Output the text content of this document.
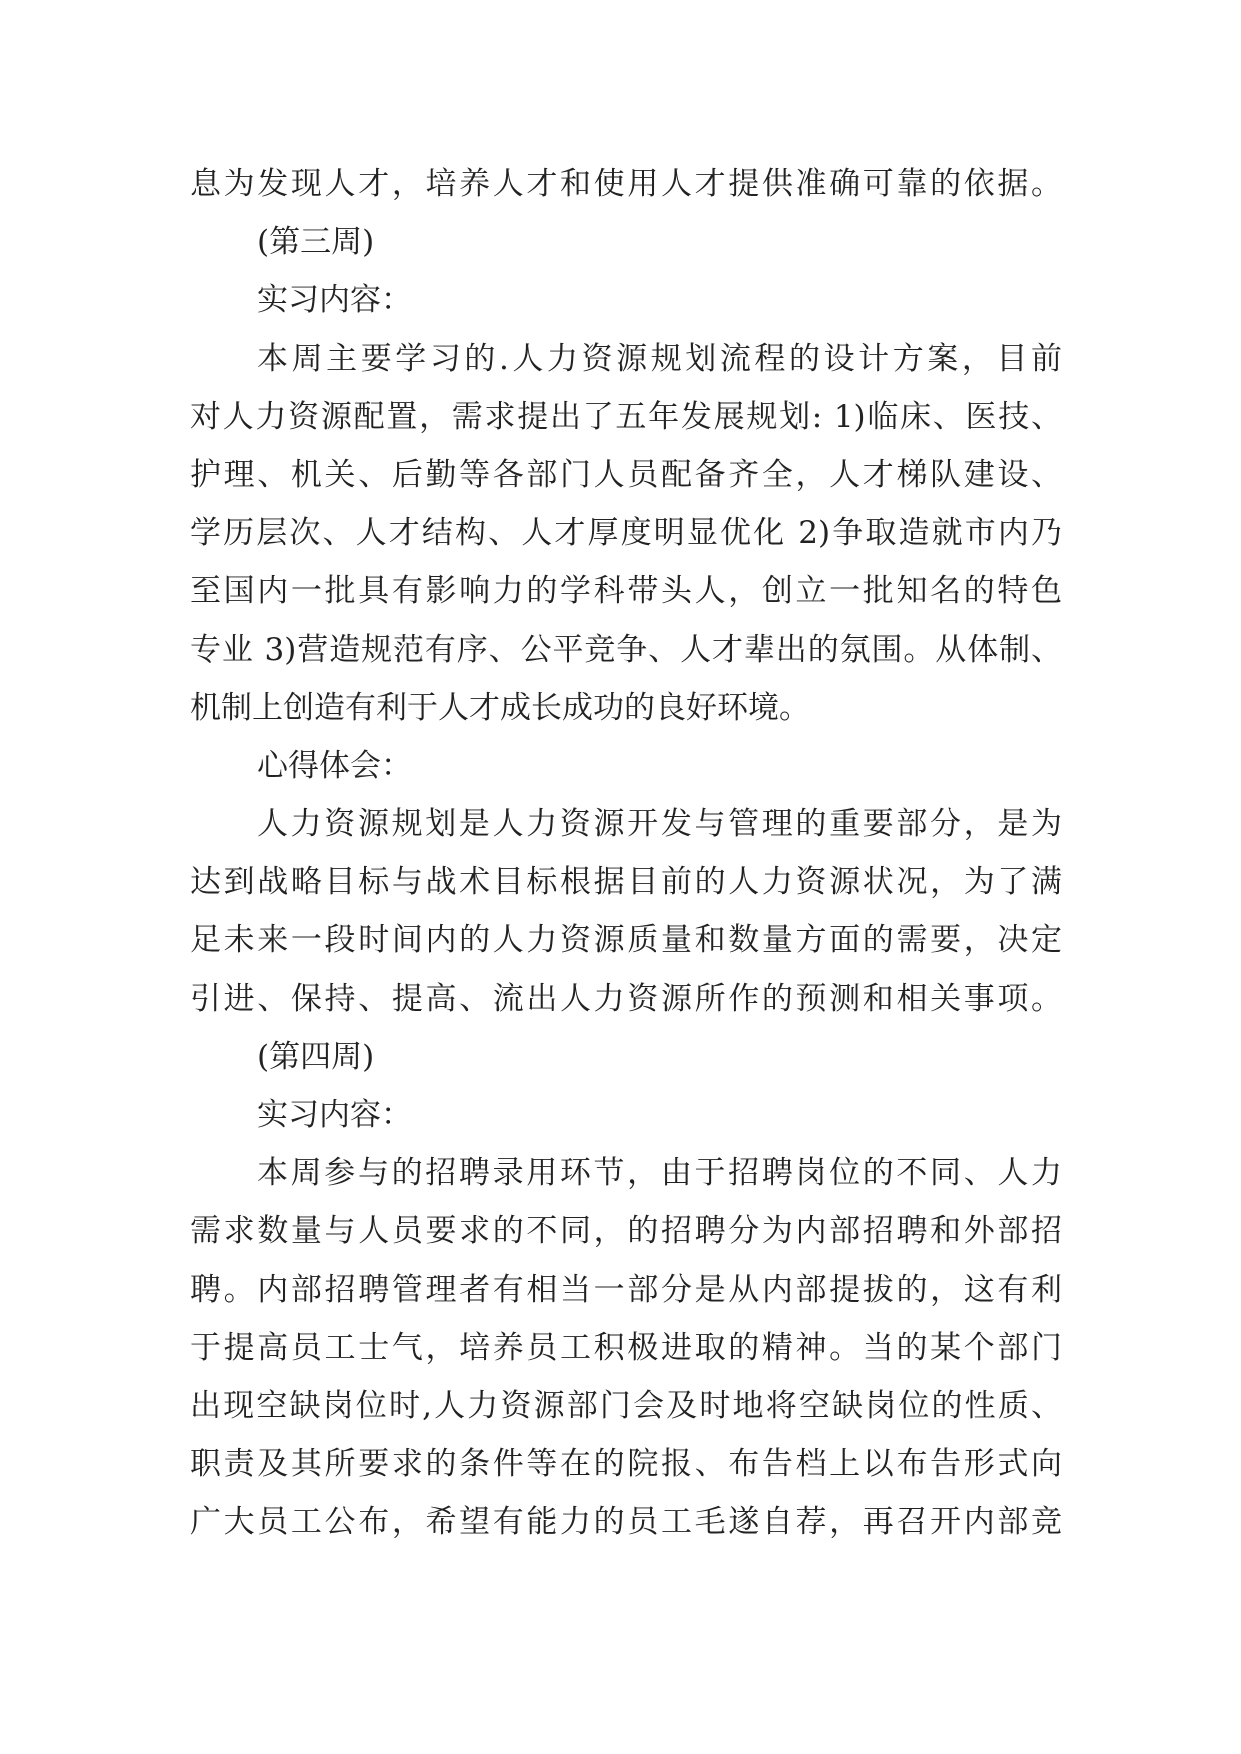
息为发现人才，培养人才和使用人才提供准确可靠的依据。
(第三周)
实习内容：
本周主要学习的.人力资源规划流程的设计方案，目前
对人力资源配置，需求提出了五年发展规划: 1)临床、医技、
护理、机关、后勤等各部门人员配备齐全，人才梯队建设、
学历层次、人才结构、人才厚度明显优化 2)争取造就市内乃
至国内一批具有影响力的学科带头人，创立一批知名的特色
专业 3)营造规范有序、公平竞争、人才辈出的氛围。从体制、
机制上创造有利于人才成长成功的良好环境。
心得体会：
人力资源规划是人力资源开发与管理的重要部分，是为
达到战略目标与战术目标根据目前的人力资源状况，为了满
足未来一段时间内的人力资源质量和数量方面的需要，决定
引进、保持、提高、流出人力资源所作的预测和相关事项。
(第四周)
实习内容：
本周参与的招聘录用环节，由于招聘岗位的不同、人力
需求数量与人员要求的不同，的招聘分为内部招聘和外部招
聘。内部招聘管理者有相当一部分是从内部提拔的，这有利
于提高员工士气，培养员工积极进取的精神。当的某个部门
出现空缺岗位时,人力资源部门会及时地将空缺岗位的性质、
职责及其所要求的条件等在的院报、布告档上以布告形式向
广大员工公布，希望有能力的员工毛遂自荐，再召开内部竞
